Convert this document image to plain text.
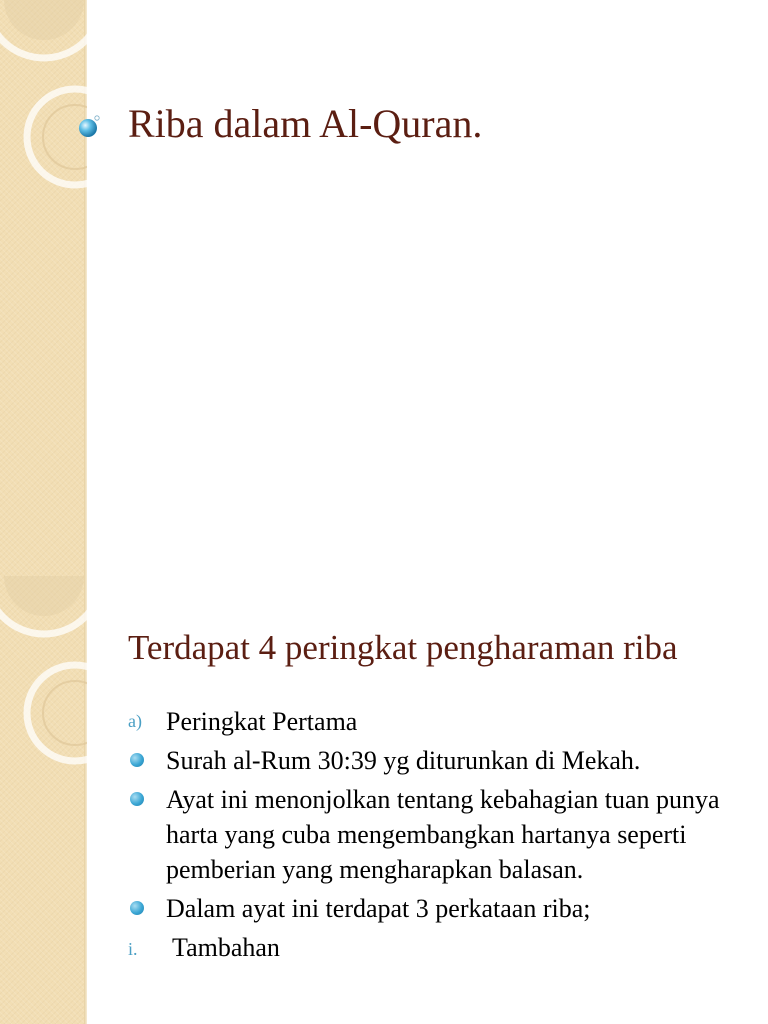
Riba dalam Al-Quran.
Terdapat 4 peringkat pengharaman riba
a) Peringkat Pertama
Surah al-Rum 30:39 yg diturunkan di Mekah.
Ayat ini menonjolkan tentang kebahagian tuan punya harta yang cuba mengembangkan hartanya seperti pemberian yang mengharapkan balasan.
Dalam ayat ini terdapat 3 perkataan riba;
i. Tambahan
